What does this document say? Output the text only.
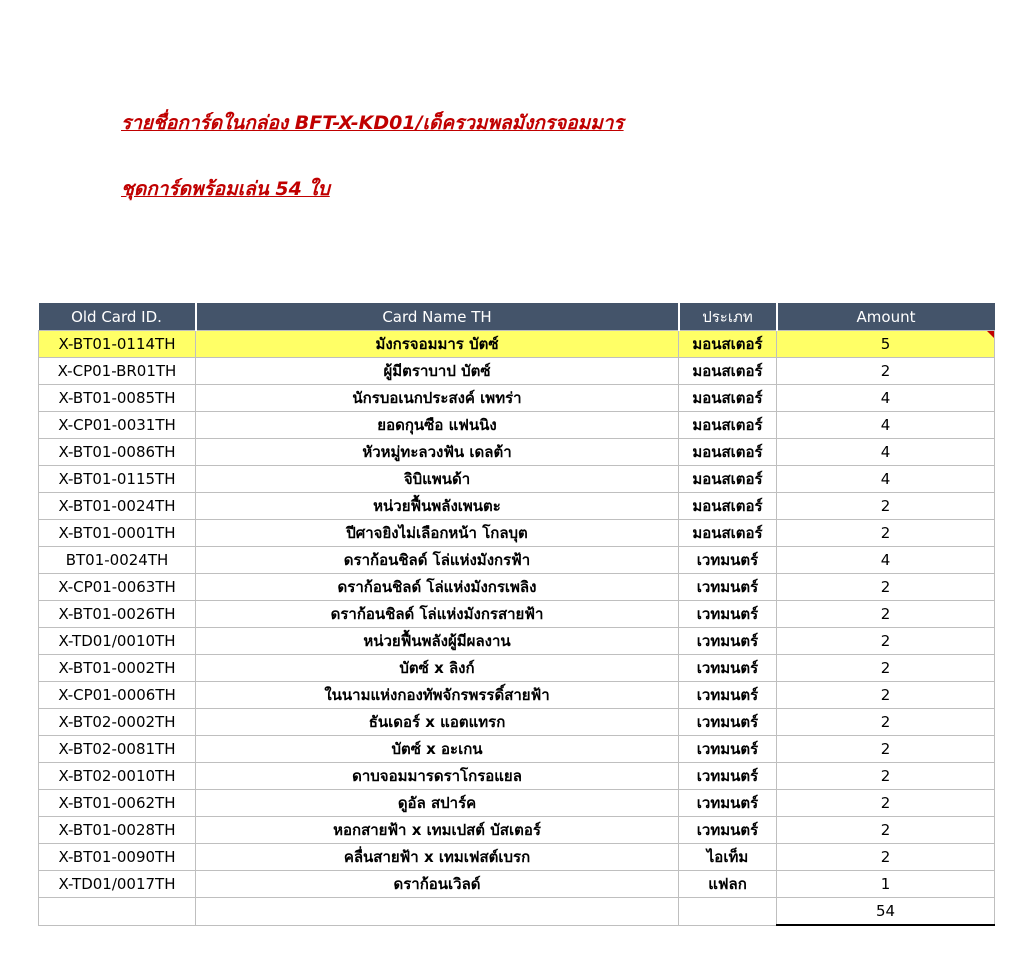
รายชื่อการ์ดในกล่อง BFT-X-KD01/เด็ครวมพลมังกรจอมมาร
ชุดการ์ดพร้อมเล่น 54 ใบ
Old Card ID.	Card Name TH	ประเภท	Amount
X-BT01-0114TH	มังกรจอมมาร บัตซ์	มอนสเตอร์	5

X-CP01-BR01TH	ผู้มีตราบาป บัตซ์	มอนสเตอร์	2
X-BT01-0085TH	นักรบอเนกประสงค์ เพทร่า	มอนสเตอร์	4
X-CP01-0031TH	ยอดกุนซือ แฟนนิง	มอนสเตอร์	4
X-BT01-0086TH	หัวหมู่ทะลวงฟัน เดลต้า	มอนสเตอร์	4
X-BT01-0115TH	จิบิแพนด้า	มอนสเตอร์	4
X-BT01-0024TH	หน่วยฟื้นพลังเพนตะ	มอนสเตอร์	2
X-BT01-0001TH	ปีศาจยิงไม่เลือกหน้า โกลบุต	มอนสเตอร์	2
BT01-0024TH	ดราก้อนชิลด์ โล่แห่งมังกรฟ้า	เวทมนตร์	4
X-CP01-0063TH	ดราก้อนชิลด์ โล่แห่งมังกรเพลิง	เวทมนตร์	2
X-BT01-0026TH	ดราก้อนชิลด์ โล่แห่งมังกรสายฟ้า	เวทมนตร์	2
X-TD01/0010TH	หน่วยฟื้นพลังผู้มีผลงาน	เวทมนตร์	2
X-BT01-0002TH	บัตซ์ x ลิงก์	เวทมนตร์	2
X-CP01-0006TH	ในนามแห่งกองทัพจักรพรรดิ์สายฟ้า	เวทมนตร์	2
X-BT02-0002TH	ธันเดอร์ x แอตแทรก	เวทมนตร์	2
X-BT02-0081TH	บัตซ์ x อะเกน	เวทมนตร์	2
X-BT02-0010TH	ดาบจอมมารดราโกรอแยล	เวทมนตร์	2
X-BT01-0062TH	ดูอัล สปาร์ค	เวทมนตร์	2
X-BT01-0028TH	หอกสายฟ้า x เทมเปสต์ บัสเตอร์	เวทมนตร์	2
X-BT01-0090TH	คลื่นสายฟ้า x เทมเฟสต์เบรก	ไอเท็ม	2
X-TD01/0017TH	ดราก้อนเวิลด์	แฟลก	1
			54
